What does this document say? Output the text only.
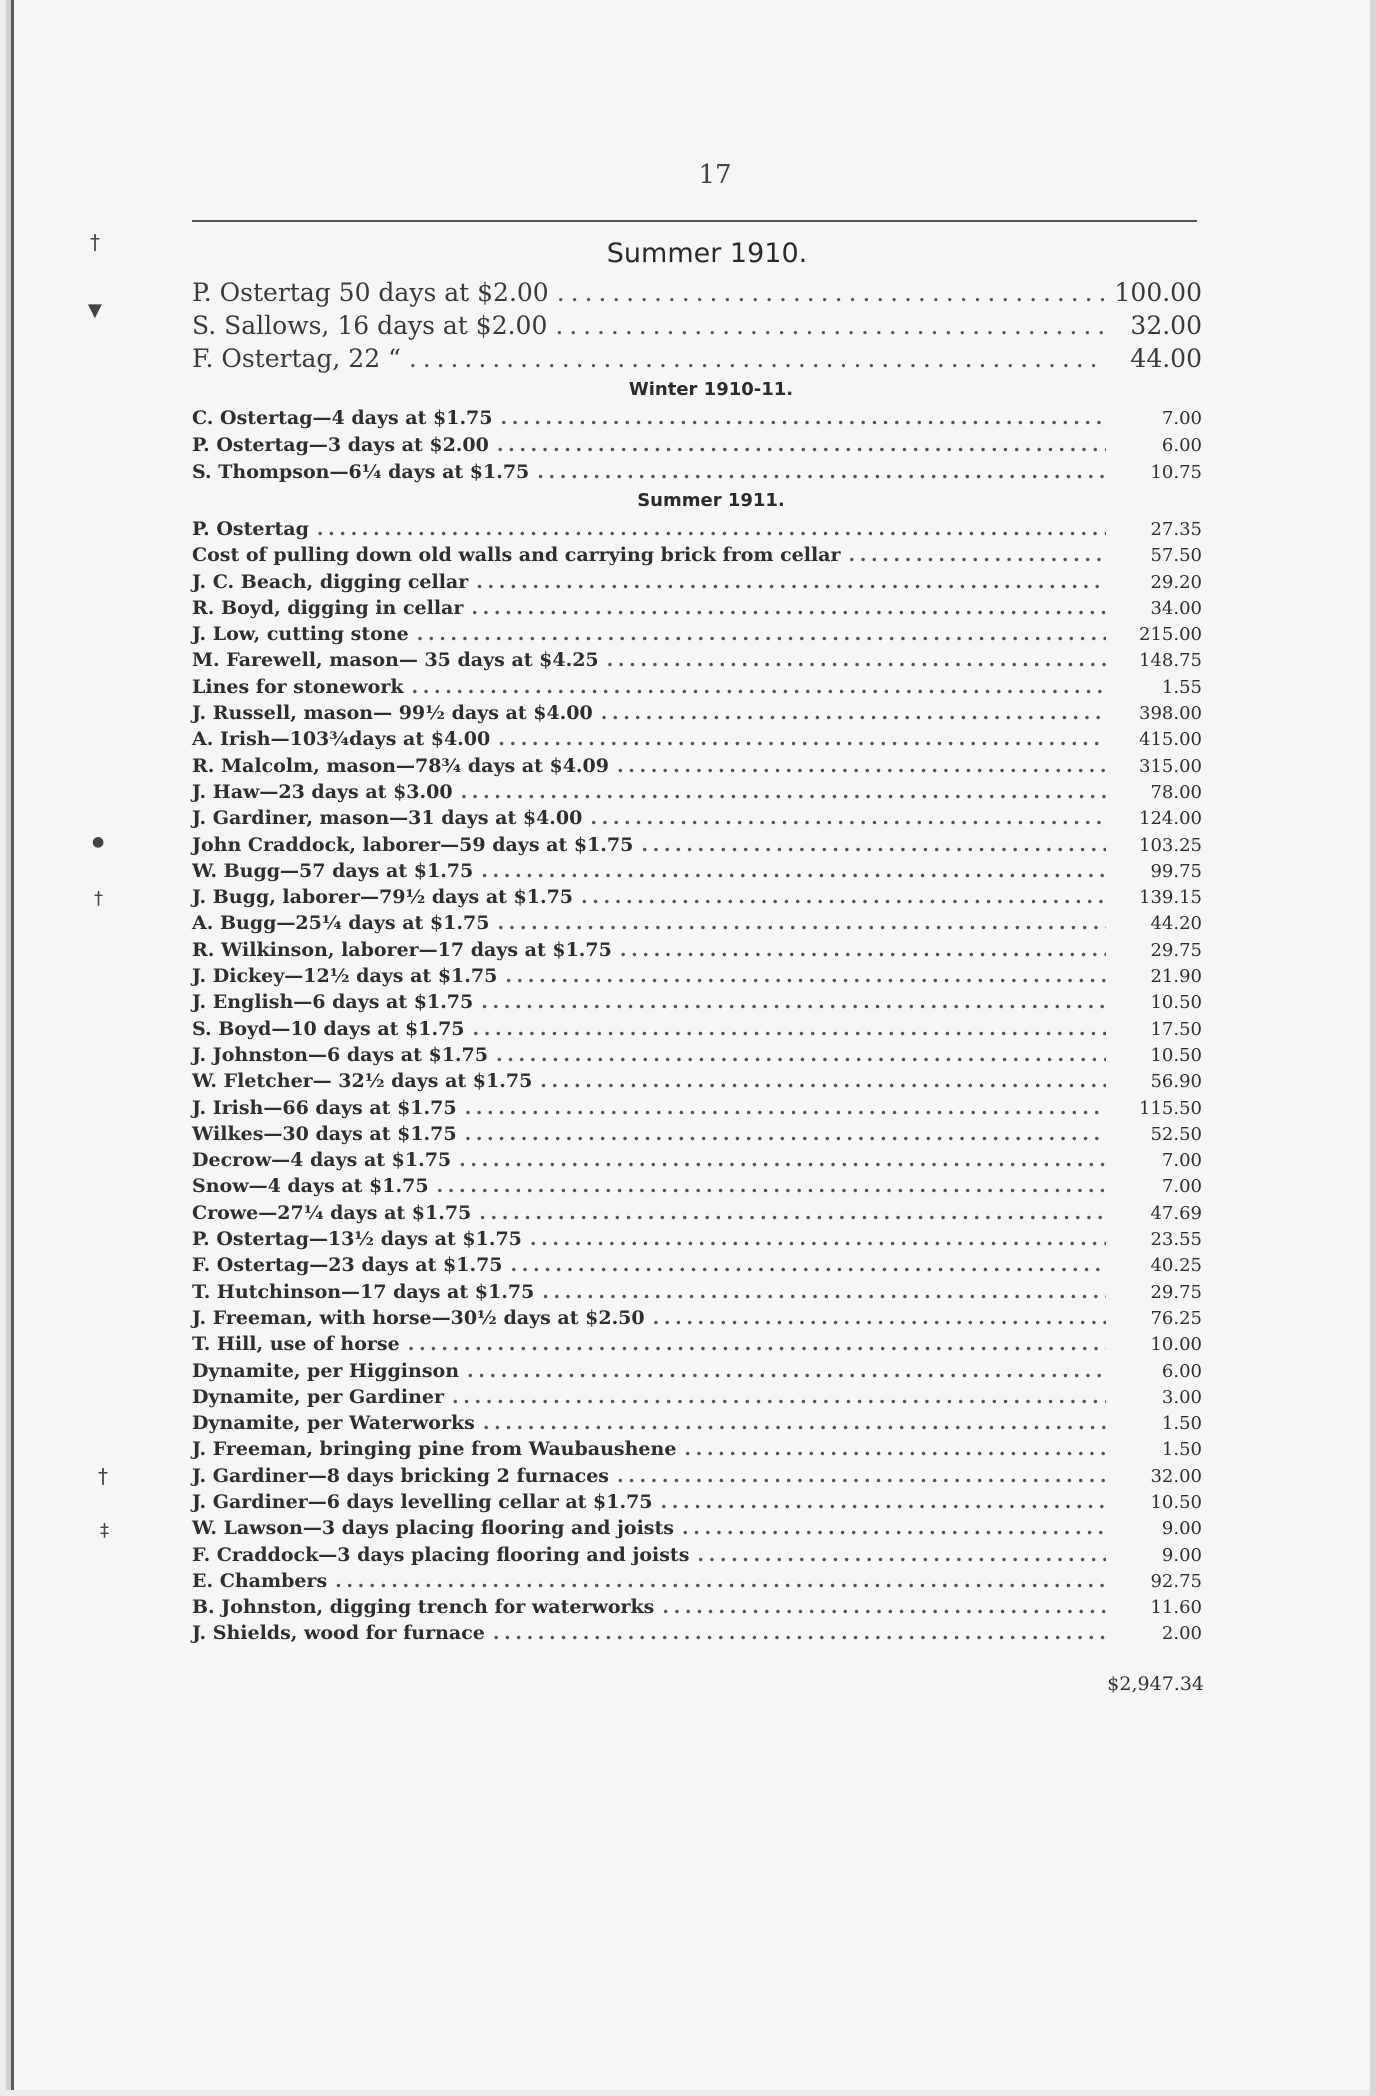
†
▼
●
†
†
‡
17
Summer 1910.
P. Ostertag 50 days at $2.00 . . .	100.00
S. Sallows, 16 days at $2.00 . . .	32.00
F. Ostertag, 22 “ . . .	44.00
Winter 1910-11.
C. Ostertag—4 days at $1.75 . . .	7.00
P. Ostertag—3 days at $2.00 . . .	6.00
S. Thompson—6¼ days at $1.75 . . .	10.75
Summer 1911.
P. Ostertag . . .	27.35
Cost of pulling down old walls and carrying brick from cellar . . .	57.50
J. C. Beach, digging cellar . . .	29.20
R. Boyd, digging in cellar . . .	34.00
J. Low, cutting stone . . .	215.00
M. Farewell, mason— 35 days at $4.25 . . .	148.75
Lines for stonework . . .	1.55
J. Russell, mason— 99½ days at $4.00 . . .	398.00
A. Irish—103¾days at $4.00 . . .	415.00
R. Malcolm, mason—78¾ days at $4.09 . . .	315.00
J. Haw—23 days at $3.00 . . .	78.00
J. Gardiner, mason—31 days at $4.00 . . .	124.00
John Craddock, laborer—59 days at $1.75 . . .	103.25
W. Bugg—57 days at $1.75 . . .	99.75
J. Bugg, laborer—79½ days at $1.75 . . .	139.15
A. Bugg—25¼ days at $1.75 . . .	44.20
R. Wilkinson, laborer—17 days at $1.75 . . .	29.75
J. Dickey—12½ days at $1.75 . . .	21.90
J. English—6 days at $1.75 . . .	10.50
S. Boyd—10 days at $1.75 . . .	17.50
J. Johnston—6 days at $1.75 . . .	10.50
W. Fletcher— 32½ days at $1.75 . . .	56.90
J. Irish—66 days at $1.75 . . .	115.50
Wilkes—30 days at $1.75 . . .	52.50
Decrow—4 days at $1.75 . . .	7.00
Snow—4 days at $1.75 . . .	7.00
Crowe—27¼ days at $1.75 . . .	47.69
P. Ostertag—13½ days at $1.75 . . .	23.55
F. Ostertag—23 days at $1.75 . . .	40.25
T. Hutchinson—17 days at $1.75 . . .	29.75
J. Freeman, with horse—30½ days at $2.50 . . .	76.25
T. Hill, use of horse . . .	10.00
Dynamite, per Higginson . . .	6.00
Dynamite, per Gardiner . . .	3.00
Dynamite, per Waterworks . . .	1.50
J. Freeman, bringing pine from Waubaushene . . .	1.50
J. Gardiner—8 days bricking 2 furnaces . . .	32.00
J. Gardiner—6 days levelling cellar at $1.75 . . .	10.50
W. Lawson—3 days placing flooring and joists . . .	9.00
F. Craddock—3 days placing flooring and joists . . .	9.00
E. Chambers . . .	92.75
B. Johnston, digging trench for waterworks . . .	11.60
J. Shields, wood for furnace . . .	2.00
$2,947.34
